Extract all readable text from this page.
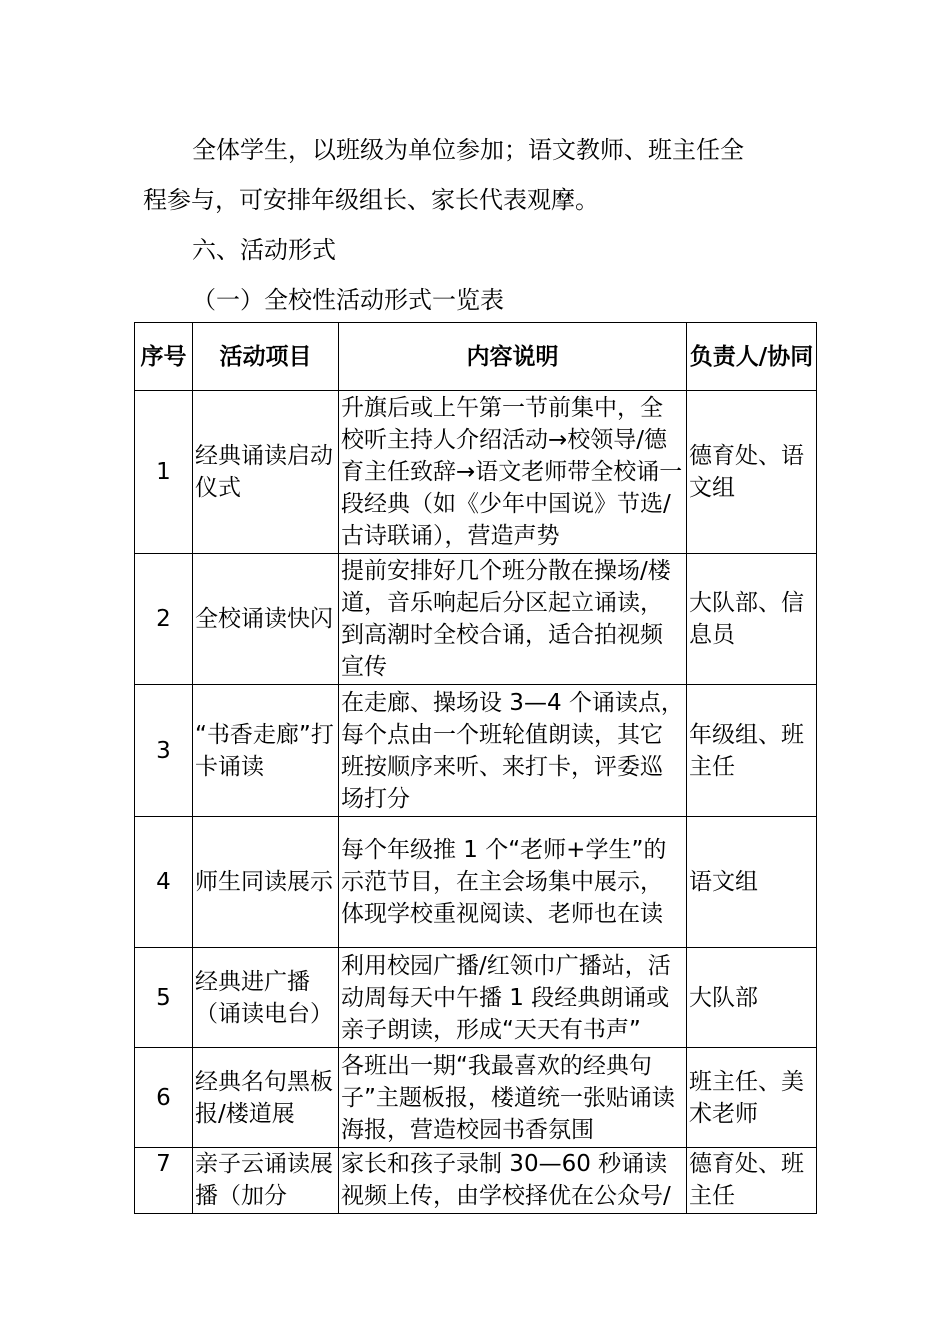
全体学生，以班级为单位参加；语文教师、班主任全
程参与，可安排年级组长、家长代表观摩。
六、活动形式
（一）全校性活动形式一览表
序号	活动项目	内容说明	负责人/协同
1	经典诵读启动仪式	升旗后或上午第一节前集中，全校听主持人介绍活动→校领导/德育主任致辞→语文老师带全校诵一段经典（如《少年中国说》节选/古诗联诵），营造声势	德育处、语文组
2	全校诵读快闪	提前安排好几个班分散在操场/楼道，音乐响起后分区起立诵读，到高潮时全校合诵，适合拍视频宣传	大队部、信息员
3	“书香走廊”打卡诵读	在走廊、操场设 3—4 个诵读点，每个点由一个班轮值朗读，其它班按顺序来听、来打卡，评委巡场打分	年级组、班主任
4	师生同读展示	每个年级推 1 个“老师+学生”的示范节目，在主会场集中展示，体现学校重视阅读、老师也在读	语文组
5	经典进广播（诵读电台）	利用校园广播/红领巾广播站，活动周每天中午播 1 段经典朗诵或亲子朗读，形成“天天有书声”	大队部
6	经典名句黑板报/楼道展	各班出一期“我最喜欢的经典句子”主题板报，楼道统一张贴诵读海报，营造校园书香氛围	班主任、美术老师
7	亲子云诵读展播（加分	家长和孩子录制 30—60 秒诵读视频上传，由学校择优在公众号/	德育处、班主任
